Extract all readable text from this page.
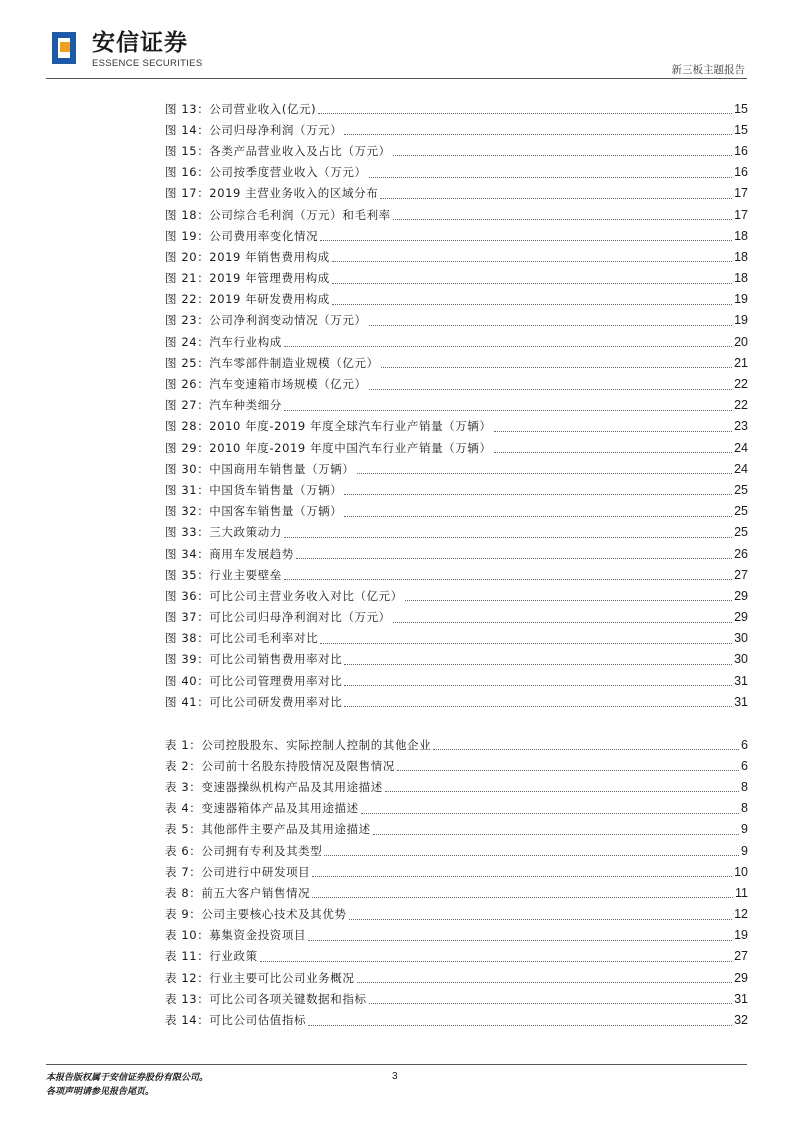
安信证券
ESSENCE SECURITIES
新三板主题报告
图 13：公司营业收入(亿元)	15
图 14：公司归母净利润（万元）	15
图 15：各类产品营业收入及占比（万元）	16
图 16：公司按季度营业收入（万元）	16
图 17：2019 主营业务收入的区域分布	17
图 18：公司综合毛利润（万元）和毛利率	17
图 19：公司费用率变化情况	18
图 20：2019 年销售费用构成	18
图 21：2019 年管理费用构成	18
图 22：2019 年研发费用构成	19
图 23：公司净利润变动情况（万元）	19
图 24：汽车行业构成	20
图 25：汽车零部件制造业规模（亿元）	21
图 26：汽车变速箱市场规模（亿元）	22
图 27：汽车种类细分	22
图 28：2010 年度-2019 年度全球汽车行业产销量（万辆）	23
图 29：2010 年度-2019 年度中国汽车行业产销量（万辆）	24
图 30：中国商用车销售量（万辆）	24
图 31：中国货车销售量（万辆）	25
图 32：中国客车销售量（万辆）	25
图 33：三大政策动力	25
图 34：商用车发展趋势	26
图 35：行业主要壁垒	27
图 36：可比公司主营业务收入对比（亿元）	29
图 37：可比公司归母净利润对比（万元）	29
图 38：可比公司毛利率对比	30
图 39：可比公司销售费用率对比	30
图 40：可比公司管理费用率对比	31
图 41：可比公司研发费用率对比	31
表 1：公司控股股东、实际控制人控制的其他企业	6
表 2：公司前十名股东持股情况及限售情况	6
表 3：变速器操纵机构产品及其用途描述	8
表 4：变速器箱体产品及其用途描述	8
表 5：其他部件主要产品及其用途描述	9
表 6：公司拥有专利及其类型	9
表 7：公司进行中研发项目	10
表 8：前五大客户销售情况	11
表 9：公司主要核心技术及其优势	12
表 10：募集资金投资项目	19
表 11：行业政策	27
表 12：行业主要可比公司业务概况	29
表 13：可比公司各项关键数据和指标	31
表 14：可比公司估值指标	32
本报告版权属于安信证券股份有限公司。
各项声明请参见报告尾页。
3
